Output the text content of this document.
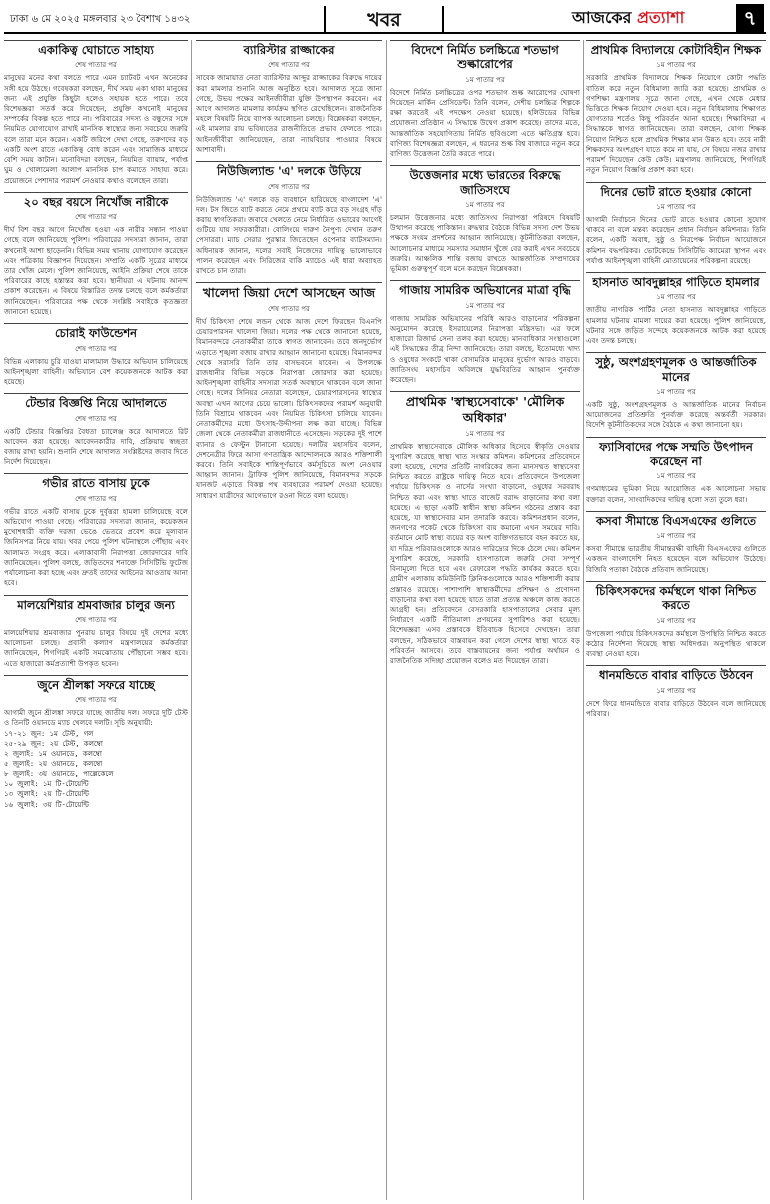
ঢাকা ৬ মে ২০২৫ মঙ্গলবার ২৩ বৈশাখ ১৪৩২	খবর	আজকের প্রত্যাশা	৭
একাকিত্ব ঘোচাতে সাহায্য
শেষ পাতার পর
মানুষের মনের কথা বলতে পারে এমন চ্যাটবট এখন অনেকের সঙ্গী হয়ে উঠছে। গবেষকরা বলছেন, দীর্ঘ সময় একা থাকা মানুষের জন্য এই প্রযুক্তি কিছুটা হলেও সহায়ক হতে পারে। তবে বিশেষজ্ঞরা সতর্ক করে দিয়েছেন, প্রযুক্তি কখনোই মানুষের সম্পর্কের বিকল্প হতে পারে না। পরিবারের সদস্য ও বন্ধুদের সঙ্গে নিয়মিত যোগাযোগ রাখাই মানসিক স্বাস্থ্যের জন্য সবচেয়ে জরুরি বলে তারা মনে করেন। একটি জরিপে দেখা গেছে, তরুণদের বড় একটি অংশ রাতে একাকিত্ব বোধ করেন এবং সামাজিক মাধ্যমে বেশি সময় কাটান। মনোবিদরা বলছেন, নিয়মিত ব্যায়াম, পর্যাপ্ত ঘুম ও খোলামেলা আলাপ মানসিক চাপ কমাতে সাহায্য করে। প্রয়োজনে পেশাদার পরামর্শ নেওয়ার কথাও বলেছেন তারা।
২০ বছর বয়সে নিখোঁজ নারীকে
শেষ পাতার পর
দীর্ঘ বিশ বছর আগে নিখোঁজ হওয়া এক নারীর সন্ধান পাওয়া গেছে বলে জানিয়েছে পুলিশ। পরিবারের সদস্যরা জানান, তারা কখনোই আশা ছাড়েননি। বিভিন্ন সময় থানায় যোগাযোগ করেছেন এবং পত্রিকায় বিজ্ঞাপন দিয়েছেন। সম্প্রতি একটি সূত্রের মাধ্যমে তার খোঁজ মেলে। পুলিশ জানিয়েছে, আইনি প্রক্রিয়া শেষে তাকে পরিবারের কাছে হস্তান্তর করা হবে। স্থানীয়রা এ ঘটনায় আনন্দ প্রকাশ করেছেন। এ বিষয়ে বিস্তারিত তদন্ত চলছে বলে কর্মকর্তারা জানিয়েছেন। পরিবারের পক্ষ থেকে সংশ্লিষ্ট সবাইকে কৃতজ্ঞতা জানানো হয়েছে।
চোরাই ফাউন্ডেশন
শেষ পাতার পর
বিভিন্ন এলাকায় চুরি যাওয়া মালামাল উদ্ধারে অভিযান চালিয়েছে আইনশৃঙ্খলা বাহিনী। অভিযানে বেশ কয়েকজনকে আটক করা হয়েছে।
টেন্ডার বিজ্ঞপ্তি নিয়ে আদালতে
শেষ পাতার পর
একটি টেন্ডার বিজ্ঞপ্তির বৈধতা চ্যালেঞ্জ করে আদালতে রিট আবেদন করা হয়েছে। আবেদনকারীর দাবি, প্রক্রিয়ায় স্বচ্ছতা বজায় রাখা হয়নি। শুনানি শেষে আদালত সংশ্লিষ্টদের জবাব দিতে নির্দেশ দিয়েছেন।
গভীর রাতে বাসায় ঢুকে
শেষ পাতার পর
গভীর রাতে একটি বাসায় ঢুকে দুর্বৃত্তরা হামলা চালিয়েছে বলে অভিযোগ পাওয়া গেছে। পরিবারের সদস্যরা জানান, কয়েকজন মুখোশধারী ব্যক্তি দরজা ভেঙে ভেতরে প্রবেশ করে মূল্যবান জিনিসপত্র নিয়ে যায়। খবর পেয়ে পুলিশ ঘটনাস্থলে পৌঁছায় এবং আলামত সংগ্রহ করে। এলাকাবাসী নিরাপত্তা জোরদারের দাবি জানিয়েছেন। পুলিশ বলছে, জড়িতদের শনাক্তে সিসিটিভি ফুটেজ পর্যালোচনা করা হচ্ছে এবং দ্রুতই তাদের আইনের আওতায় আনা হবে।
মালয়েশিয়ার শ্রমবাজার চালুর জন্য
শেষ পাতার পর
মালয়েশিয়ার শ্রমবাজার পুনরায় চালুর বিষয়ে দুই দেশের মধ্যে আলোচনা চলছে। প্রবাসী কল্যাণ মন্ত্রণালয়ের কর্মকর্তারা জানিয়েছেন, শিগগিরই একটি সমঝোতায় পৌঁছানো সম্ভব হবে। এতে হাজারো কর্মপ্রত্যাশী উপকৃত হবেন।
জুনে শ্রীলঙ্কা সফরে যাচ্ছে
শেষ পাতার পর
আগামী জুনে শ্রীলঙ্কা সফরে যাচ্ছে জাতীয় দল। সফরে দুটি টেস্ট ও তিনটি ওয়ানডে ম্যাচ খেলবে দলটি। সূচি অনুযায়ী:
১৭-২১ জুন: ১ম টেস্ট, গল
২৫-২৯ জুন: ২য় টেস্ট, কলম্বো
২ জুলাই: ১ম ওয়ানডে, কলম্বো
৫ জুলাই: ২য় ওয়ানডে, কলম্বো
৮ জুলাই: ৩য় ওয়ানডে, পাল্লেকেলে
১০ জুলাই: ১ম টি-টোয়েন্টি
১৩ জুলাই: ২য় টি-টোয়েন্টি
১৬ জুলাই: ৩য় টি-টোয়েন্টি
ব্যারিস্টার রাজ্জাকের
শেষ পাতার পর
সাবেক জামায়াত নেতা ব্যারিস্টার আব্দুর রাজ্জাকের বিরুদ্ধে দায়ের করা মামলার শুনানি আজ অনুষ্ঠিত হবে। আদালত সূত্রে জানা গেছে, উভয় পক্ষের আইনজীবীরা যুক্তি উপস্থাপন করবেন। এর আগে আদালত মামলার কার্যক্রম স্থগিত রেখেছিলেন। রাজনৈতিক মহলে বিষয়টি নিয়ে ব্যাপক আলোচনা চলছে। বিশ্লেষকরা বলছেন, এই মামলার রায় ভবিষ্যতের রাজনীতিতে প্রভাব ফেলতে পারে। আইনজীবীরা জানিয়েছেন, তারা ন্যায়বিচার পাওয়ার বিষয়ে আশাবাদী।
নিউজিল্যান্ড 'এ' দলকে উড়িয়ে
শেষ পাতার পর
নিউজিল্যান্ড 'এ' দলকে বড় ব্যবধানে হারিয়েছে বাংলাদেশ 'এ' দল। টস জিতে ব্যাট করতে নেমে প্রথমে ব্যাট করে বড় সংগ্রহ দাঁড় করায় স্বাগতিকরা। জবাবে খেলতে নেমে নির্ধারিত ওভারের আগেই গুটিয়ে যায় সফরকারীরা। বোলিংয়ে দারুণ নৈপুণ্য দেখান তরুণ পেসাররা। ম্যাচ সেরার পুরস্কার জিতেছেন ওপেনার ব্যাটসম্যান। অধিনায়ক জানান, দলের সবাই নিজেদের দায়িত্ব ভালোভাবে পালন করেছেন এবং সিরিজের বাকি ম্যাচেও এই ধারা অব্যাহত রাখতে চান তারা।
খালেদা জিয়া দেশে আসছেন আজ
শেষ পাতার পর
দীর্ঘ চিকিৎসা শেষে লন্ডন থেকে আজ দেশে ফিরছেন বিএনপি চেয়ারপারসন খালেদা জিয়া। দলের পক্ষ থেকে জানানো হয়েছে, বিমানবন্দরে নেতাকর্মীরা তাকে স্বাগত জানাবেন। তবে জনদুর্ভোগ এড়াতে শৃঙ্খলা বজায় রাখার আহ্বান জানানো হয়েছে। বিমানবন্দর থেকে সরাসরি তিনি তার বাসভবনে যাবেন। এ উপলক্ষে রাজধানীর বিভিন্ন সড়কে নিরাপত্তা জোরদার করা হয়েছে। আইনশৃঙ্খলা বাহিনীর সদস্যরা সতর্ক অবস্থানে থাকবেন বলে জানা গেছে। দলের সিনিয়র নেতারা বলেছেন, চেয়ারপারসনের স্বাস্থ্যের অবস্থা এখন আগের চেয়ে ভালো। চিকিৎসকদের পরামর্শ অনুযায়ী তিনি বিশ্রামে থাকবেন এবং নিয়মিত চিকিৎসা চালিয়ে যাবেন। নেতাকর্মীদের মধ্যে উৎসাহ-উদ্দীপনা লক্ষ করা যাচ্ছে। বিভিন্ন জেলা থেকে নেতাকর্মীরা রাজধানীতে এসেছেন। সড়কের দুই পাশে ব্যানার ও ফেস্টুন টানানো হয়েছে। দলটির মহাসচিব বলেন, দেশনেত্রীর ফিরে আসা গণতান্ত্রিক আন্দোলনকে আরও শক্তিশালী করবে। তিনি সবাইকে শান্তিপূর্ণভাবে কর্মসূচিতে অংশ নেওয়ার আহ্বান জানান। ট্রাফিক পুলিশ জানিয়েছে, বিমানবন্দর সড়কে যানজট এড়াতে বিকল্প পথ ব্যবহারের পরামর্শ দেওয়া হয়েছে। সাধারণ যাত্রীদের আগেভাগে রওনা দিতে বলা হয়েছে।
বিদেশে নির্মিত চলচ্চিত্রে শতভাগ শুল্কারোপের
১ম পাতার পর
বিদেশে নির্মিত চলচ্চিত্রের ওপর শতভাগ শুল্ক আরোপের ঘোষণা দিয়েছেন মার্কিন প্রেসিডেন্ট। তিনি বলেন, দেশীয় চলচ্চিত্র শিল্পকে রক্ষা করতেই এই পদক্ষেপ নেওয়া হয়েছে। হলিউডের বিভিন্ন প্রযোজনা প্রতিষ্ঠান এ সিদ্ধান্তে উদ্বেগ প্রকাশ করেছে। তাদের মতে, আন্তর্জাতিক সহযোগিতায় নির্মিত ছবিগুলো এতে ক্ষতিগ্রস্ত হবে। বাণিজ্য বিশেষজ্ঞরা বলছেন, এ ধরনের শুল্ক বিশ্ব বাজারে নতুন করে বাণিজ্য উত্তেজনা তৈরি করতে পারে।
উত্তেজনার মধ্যে ভারতের বিরুদ্ধে জাতিসংঘে
১ম পাতার পর
চলমান উত্তেজনার মধ্যে জাতিসংঘ নিরাপত্তা পরিষদে বিষয়টি উত্থাপন করেছে পাকিস্তান। রুদ্ধদ্বার বৈঠকে বিভিন্ন সদস্য দেশ উভয় পক্ষকে সংযম প্রদর্শনের আহ্বান জানিয়েছে। কূটনীতিকরা বলছেন, আলোচনার মাধ্যমে সমস্যার সমাধান খুঁজে বের করাই এখন সবচেয়ে জরুরি। আঞ্চলিক শান্তি বজায় রাখতে আন্তর্জাতিক সম্প্রদায়ের ভূমিকা গুরুত্বপূর্ণ বলে মনে করছেন বিশ্লেষকরা।
গাজায় সামরিক অভিযানের মাত্রা বৃদ্ধি
১ম পাতার পর
গাজায় সামরিক অভিযানের পরিধি আরও বাড়ানোর পরিকল্পনা অনুমোদন করেছে ইসরায়েলের নিরাপত্তা মন্ত্রিসভা। এর ফলে হাজারো রিজার্ভ সেনা তলব করা হয়েছে। মানবাধিকার সংস্থাগুলো এই সিদ্ধান্তের তীব্র নিন্দা জানিয়েছে। তারা বলছে, ইতোমধ্যে খাদ্য ও ওষুধের সংকটে থাকা বেসামরিক মানুষের দুর্ভোগ আরও বাড়বে। জাতিসংঘ মহাসচিব অবিলম্বে যুদ্ধবিরতির আহ্বান পুনর্ব্যক্ত করেছেন।
প্রাথমিক 'স্বাস্থ্যসেবাকে' 'মৌলিক অধিকার'
১ম পাতার পর
প্রাথমিক স্বাস্থ্যসেবাকে মৌলিক অধিকার হিসেবে স্বীকৃতি দেওয়ার সুপারিশ করেছে স্বাস্থ্য খাত সংস্কার কমিশন। কমিশনের প্রতিবেদনে বলা হয়েছে, দেশের প্রতিটি নাগরিকের জন্য মানসম্মত স্বাস্থ্যসেবা নিশ্চিত করতে রাষ্ট্রকে দায়িত্ব নিতে হবে। প্রতিবেদনে উপজেলা পর্যায়ে চিকিৎসক ও নার্সের সংখ্যা বাড়ানো, ওষুধের সরবরাহ নিশ্চিত করা এবং স্বাস্থ্য খাতে বাজেট বরাদ্দ বাড়ানোর কথা বলা হয়েছে। এ ছাড়া একটি স্বাধীন স্বাস্থ্য কমিশন গঠনের প্রস্তাব করা হয়েছে, যা স্বাস্থ্যসেবার মান তদারকি করবে। কমিশনপ্রধান বলেন, জনগণের পকেট থেকে চিকিৎসা ব্যয় কমানো এখন সময়ের দাবি। বর্তমানে মোট স্বাস্থ্য ব্যয়ের বড় অংশ ব্যক্তিগতভাবে বহন করতে হয়, যা দরিদ্র পরিবারগুলোকে আরও দারিদ্র্যের দিকে ঠেলে দেয়। কমিশন সুপারিশ করেছে, সরকারি হাসপাতালে জরুরি সেবা সম্পূর্ণ বিনামূল্যে দিতে হবে এবং রেফারেল পদ্ধতি কার্যকর করতে হবে। গ্রামীণ এলাকায় কমিউনিটি ক্লিনিকগুলোকে আরও শক্তিশালী করার প্রস্তাবও রয়েছে। পাশাপাশি স্বাস্থ্যকর্মীদের প্রশিক্ষণ ও প্রণোদনা বাড়ানোর কথা বলা হয়েছে যাতে তারা প্রত্যন্ত অঞ্চলে কাজ করতে আগ্রহী হন। প্রতিবেদনে বেসরকারি হাসপাতালের সেবার মূল্য নির্ধারণে একটি নীতিমালা প্রণয়নের সুপারিশও করা হয়েছে। বিশেষজ্ঞরা এসব প্রস্তাবকে ইতিবাচক হিসেবে দেখছেন। তারা বলছেন, সঠিকভাবে বাস্তবায়ন করা গেলে দেশের স্বাস্থ্য খাতে বড় পরিবর্তন আসবে। তবে বাস্তবায়নের জন্য পর্যাপ্ত অর্থায়ন ও রাজনৈতিক সদিচ্ছা প্রয়োজন বলেও মত দিয়েছেন তারা।
প্রাথমিক বিদ্যালয়ে কোটাবিহীন শিক্ষক
১ম পাতার পর
সরকারি প্রাথমিক বিদ্যালয়ে শিক্ষক নিয়োগে কোটা পদ্ধতি বাতিল করে নতুন বিধিমালা জারি করা হয়েছে। প্রাথমিক ও গণশিক্ষা মন্ত্রণালয় সূত্রে জানা গেছে, এখন থেকে মেধার ভিত্তিতে শিক্ষক নিয়োগ দেওয়া হবে। নতুন বিধিমালায় শিক্ষাগত যোগ্যতার শর্তেও কিছু পরিবর্তন আনা হয়েছে। শিক্ষাবিদরা এ সিদ্ধান্তকে স্বাগত জানিয়েছেন। তারা বলছেন, যোগ্য শিক্ষক নিয়োগ নিশ্চিত হলে প্রাথমিক শিক্ষার মান উন্নত হবে। তবে নারী শিক্ষকদের অংশগ্রহণ যাতে কমে না যায়, সে বিষয়ে নজর রাখার পরামর্শ দিয়েছেন কেউ কেউ। মন্ত্রণালয় জানিয়েছে, শিগগিরই নতুন নিয়োগ বিজ্ঞপ্তি প্রকাশ করা হবে।
দিনের ভোট রাতে হওয়ার কোনো
১ম পাতার পর
আগামী নির্বাচনে দিনের ভোট রাতে হওয়ার কোনো সুযোগ থাকবে না বলে মন্তব্য করেছেন প্রধান নির্বাচন কমিশনার। তিনি বলেন, একটি অবাধ, সুষ্ঠু ও নিরপেক্ষ নির্বাচন আয়োজনে কমিশন বদ্ধপরিকর। ভোটকেন্দ্রে সিসিটিভি ক্যামেরা স্থাপন এবং পর্যাপ্ত আইনশৃঙ্খলা বাহিনী মোতায়েনের পরিকল্পনা রয়েছে।
হাসনাত আবদুল্লাহর গাড়িতে হামলার
১ম পাতার পর
জাতীয় নাগরিক পার্টির নেতা হাসনাত আবদুল্লাহর গাড়িতে হামলার ঘটনায় মামলা দায়ের করা হয়েছে। পুলিশ জানিয়েছে, ঘটনার সঙ্গে জড়িত সন্দেহে কয়েকজনকে আটক করা হয়েছে এবং তদন্ত চলছে।
সুষ্ঠু, অংশগ্রহণমূলক ও আন্তর্জাতিক মানের
১ম পাতার পর
একটি সুষ্ঠু, অংশগ্রহণমূলক ও আন্তর্জাতিক মানের নির্বাচন আয়োজনের প্রতিশ্রুতি পুনর্ব্যক্ত করেছে অন্তর্বর্তী সরকার। বিদেশি কূটনীতিকদের সঙ্গে বৈঠকে এ কথা জানানো হয়।
ফ্যাসিবাদের পক্ষে সম্মতি উৎপাদন করেছেন না
১ম পাতার পর
গণমাধ্যমের ভূমিকা নিয়ে আয়োজিত এক আলোচনা সভায় বক্তারা বলেন, সাংবাদিকদের দায়িত্ব হলো সত্য তুলে ধরা।
কসবা সীমান্তে বিএসএফের গুলিতে
১ম পাতার পর
কসবা সীমান্তে ভারতীয় সীমান্তরক্ষী বাহিনী বিএসএফের গুলিতে একজন বাংলাদেশি নিহত হয়েছেন বলে অভিযোগ উঠেছে। বিজিবি পতাকা বৈঠকে প্রতিবাদ জানিয়েছে।
চিকিৎসকদের কর্মস্থলে থাকা নিশ্চিত করতে
১ম পাতার পর
উপজেলা পর্যায়ে চিকিৎসকদের কর্মস্থলে উপস্থিতি নিশ্চিত করতে কঠোর নির্দেশনা দিয়েছে স্বাস্থ্য অধিদপ্তর। অনুপস্থিত থাকলে ব্যবস্থা নেওয়া হবে।
ধানমন্ডিতে বাবার বাড়িতে উঠবেন
১ম পাতার পর
দেশে ফিরে ধানমন্ডিতে বাবার বাড়িতে উঠবেন বলে জানিয়েছে পরিবার।
